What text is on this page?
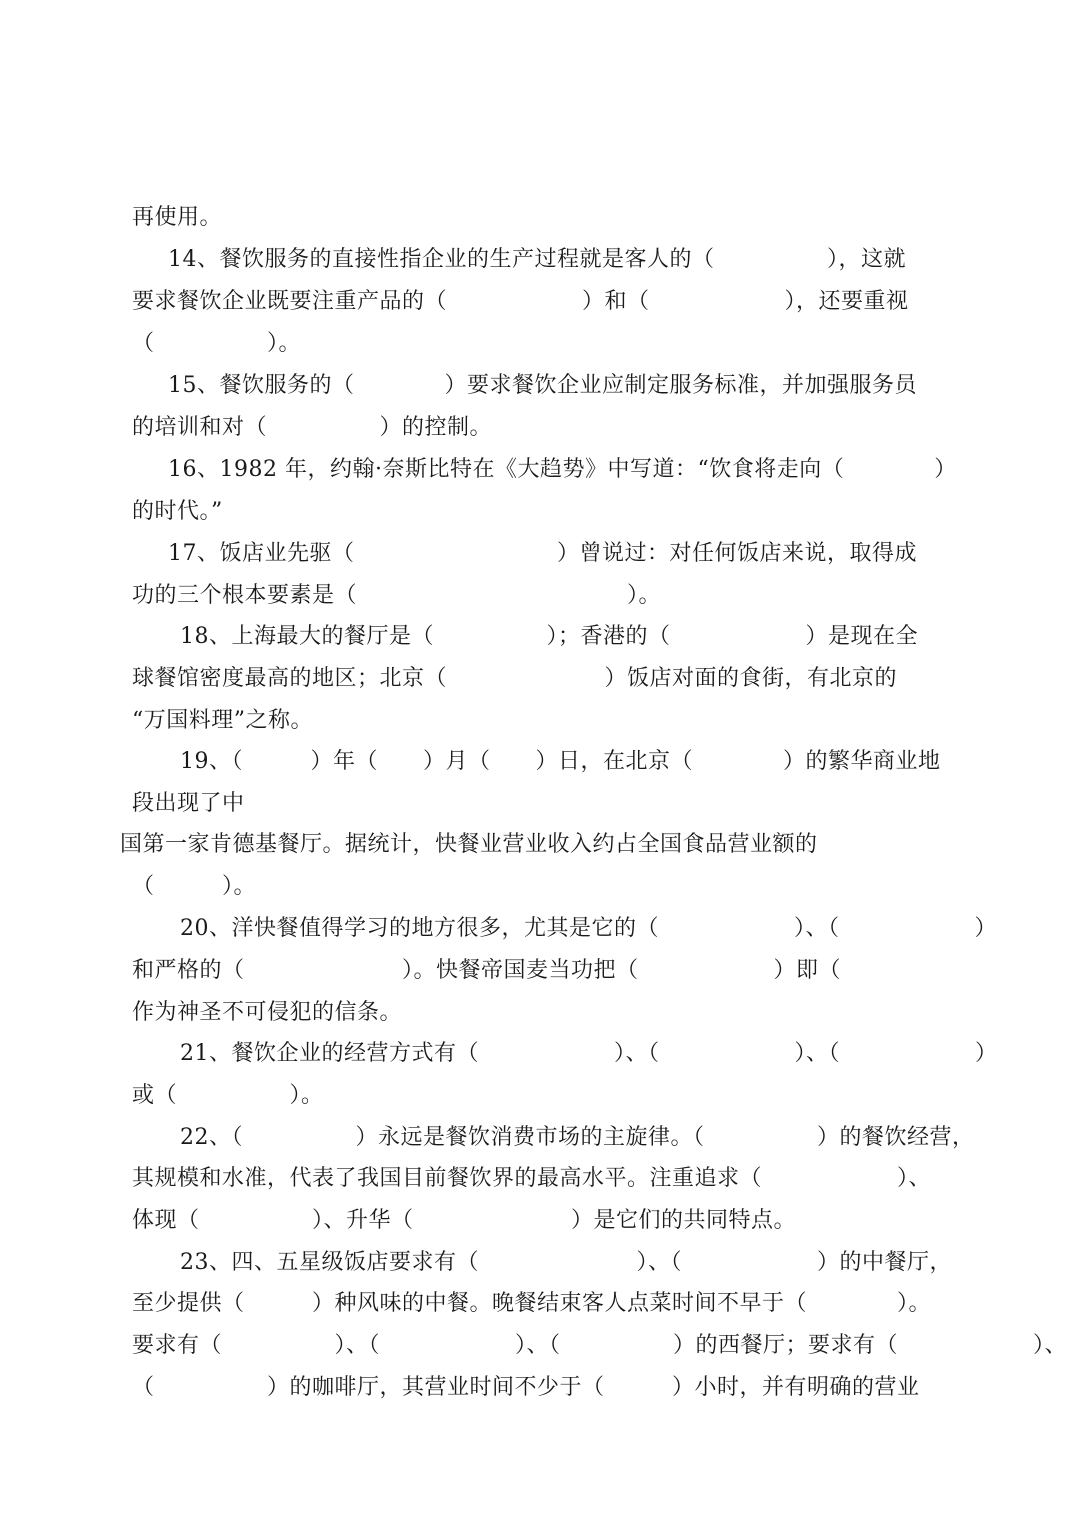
再使用。
14、餐饮服务的直接性指企业的生产过程就是客人的（　　　　　），这就
要求餐饮企业既要注重产品的（　　　　　　）和（　　　　　　），还要重视
（　　　　　）。
15、餐饮服务的（　　　　）要求餐饮企业应制定服务标准，并加强服务员
的培训和对（　　　　　）的控制。
16、1982 年，约翰·奈斯比特在《大趋势》中写道：“饮食将走向（　　　　）
的时代。”
17、饭店业先驱（　　　　　　　　　）曾说过：对任何饭店来说，取得成
功的三个根本要素是（　　　　　　　　　　　　）。
18、上海最大的餐厅是（　　　　　）；香港的（　　　　　　）是现在全
球餐馆密度最高的地区；北京（　　　　　　　）饭店对面的食街，有北京的
“万国料理”之称。
19、（　　　）年（　　）月（　　）日，在北京（　　　　）的繁华商业地
段出现了中
国第一家肯德基餐厅。据统计，快餐业营业收入约占全国食品营业额的
（　　　）。
20、洋快餐值得学习的地方很多，尤其是它的（　　　　　　）、（　　　　　　）
和严格的（　　　　　　　）。快餐帝国麦当功把（　　　　　　）即（
作为神圣不可侵犯的信条。
21、餐饮企业的经营方式有（　　　　　　）、（　　　　　　）、（　　　　　　）
或（　　　　　）。
22、（　　　　　）永远是餐饮消费市场的主旋律。（　　　　　）的餐饮经营，
其规模和水准，代表了我国目前餐饮界的最高水平。注重追求（　　　　　　）、
体现（　　　　　）、升华（　　　　　　　）是它们的共同特点。
23、四、五星级饭店要求有（　　　　　　　）、（　　　　　　）的中餐厅，
至少提供（　　　）种风味的中餐。晚餐结束客人点菜时间不早于（　　　　）。
要求有（　　　　　）、（　　　　　　）、（　　　　　）的西餐厅；要求有（　　　　　　）、
（　　　　　）的咖啡厅，其营业时间不少于（　　　）小时，并有明确的营业
